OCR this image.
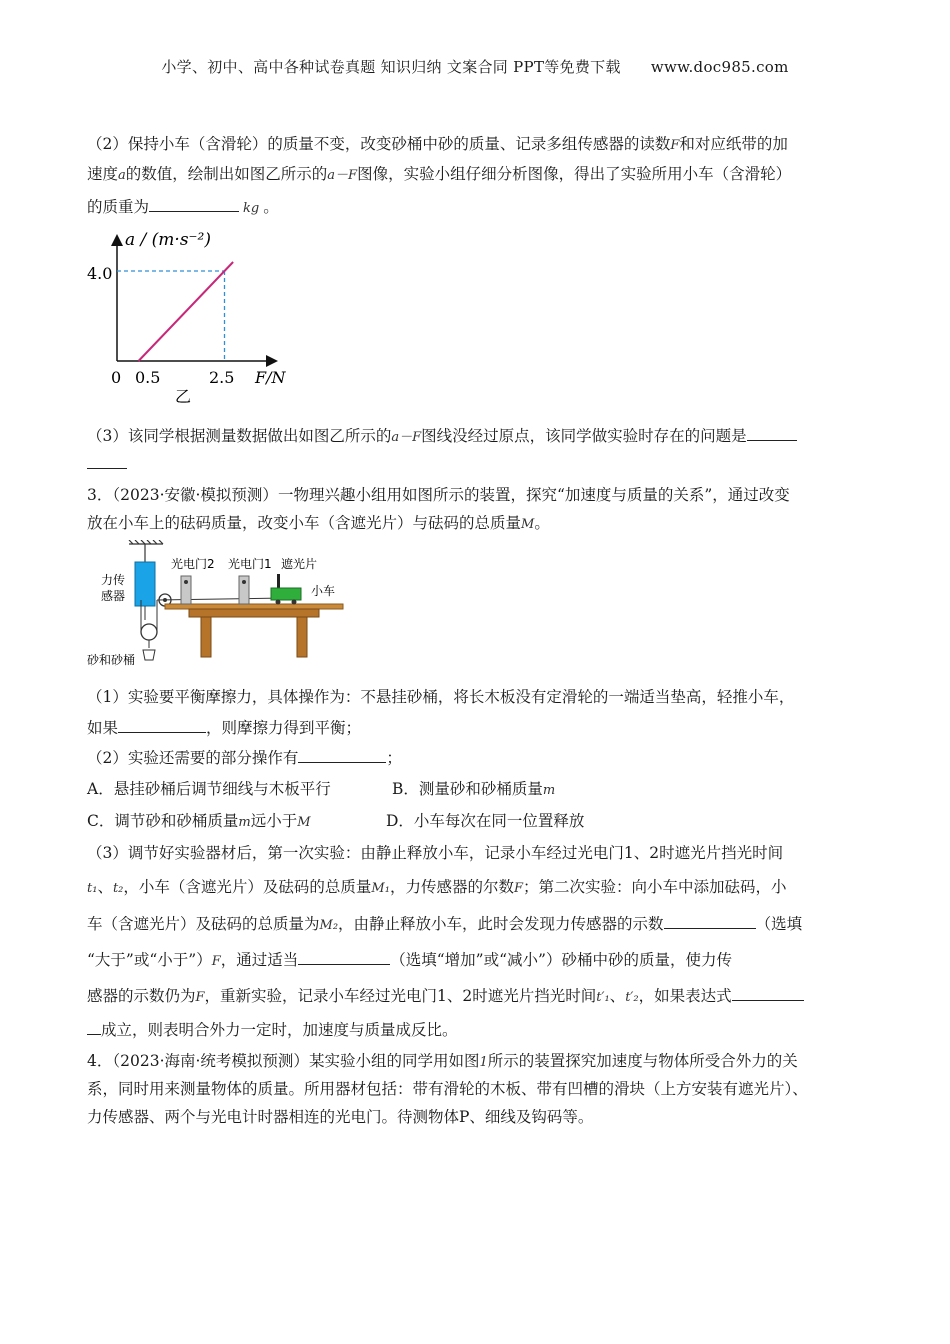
小学、初中、高中各种试卷真题 知识归纳 文案合同 PPT等免费下载 www.doc985.com
（2）保持小车（含滑轮）的质量不变，改变砂桶中砂的质量、记录多组传感器的读数F和对应纸带的加
速度a的数值，绘制出如图乙所示的a－F图像，实验小组仔细分析图像，得出了实验所用小车（含滑轮）
的质重为	kg 。
a / (m·s⁻²)
4.0
0 0.5	2.5 F/N
乙
（3）该同学根据测量数据做出如图乙所示的a－F图线没经过原点，该同学做实验时存在的问题是
3．（2023·安徽·模拟预测）一物理兴趣小组用如图所示的装置，探究“加速度与质量的关系”，通过改变
放在小车上的砝码质量，改变小车（含遮光片）与砝码的总质量M。
光电门2 光电门1 遮光片
小车
力传
感器
砂和砂桶
（1）实验要平衡摩擦力，具体操作为：不悬挂砂桶，将长木板没有定滑轮的一端适当垫高，轻推小车，
如果	，则摩擦力得到平衡；
（2）实验还需要的部分操作有	；
A．悬挂砂桶后调节细线与木板平行	B．测量砂和砂桶质量m
C．调节砂和砂桶质量m远小于M	D．小车每次在同一位置释放
（3）调节好实验器材后，第一次实验：由静止释放小车，记录小车经过光电门1、2时遮光片挡光时间
t₁、t₂，小车（含遮光片）及砝码的总质量M₁，力传感器的尔数F；第二次实验：向小车中添加砝码，小
车（含遮光片）及砝码的总质量为M₂，由静止释放小车，此时会发现力传感器的示数	（选填
“大于”或“小于”）F，通过适当	（选填“增加”或“减小”）砂桶中砂的质量，使力传
感器的示数仍为F，重新实验，记录小车经过光电门1、2时遮光片挡光时间t′₁、t′₂，如果表达式
成立，则表明合外力一定时，加速度与质量成反比。
4．（2023·海南·统考模拟预测）某实验小组的同学用如图1所示的装置探究加速度与物体所受合外力的关
系，同时用来测量物体的质量。所用器材包括：带有滑轮的木板、带有凹槽的滑块（上方安装有遮光片）、
力传感器、两个与光电计时器相连的光电门。待测物体P、细线及钩码等。
